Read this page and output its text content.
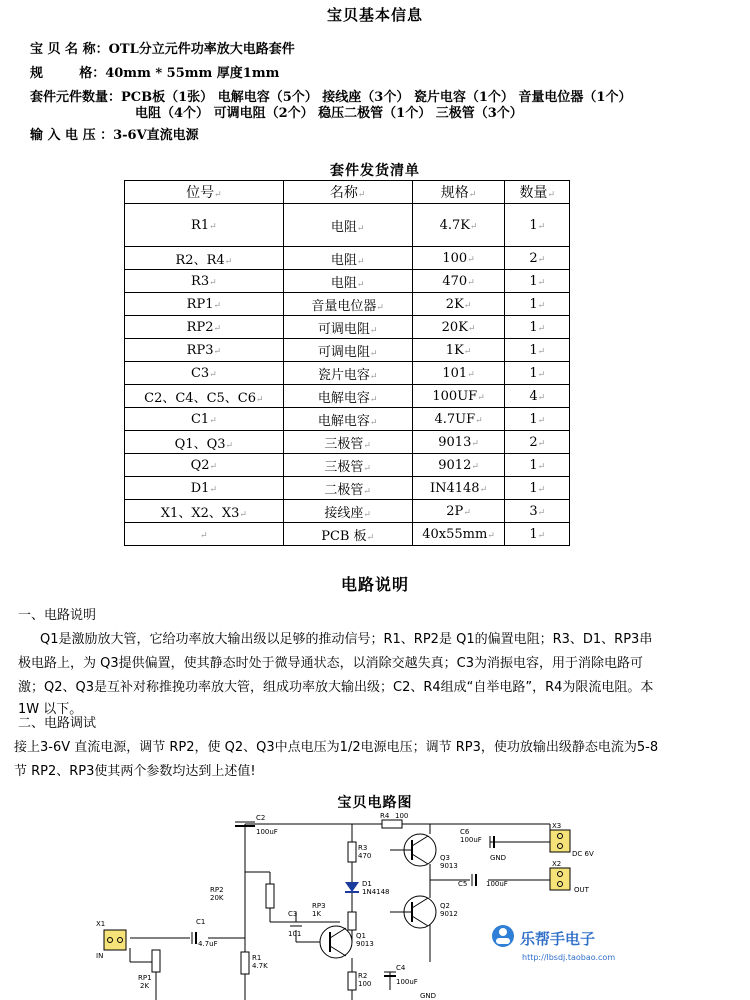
宝贝基本信息
宝 贝 名 称：OTL分立元件功率放大电路套件
规        格：40mm * 55mm 厚度1mm
套件元件数量：PCB板（1张） 电解电容（5个） 接线座（3个） 瓷片电容（1个） 音量电位器（1个）
电阻（4个） 可调电阻（2个） 稳压二极管（1个） 三极管（3个）
输 入 电 压 ：3-6V直流电源
套件发货清单
位号↵	名称↵	规格↵	数量↵
R1↵	电阻↵	4.7K↵	1↵
R2、R4↵	电阻↵	100↵	2↵
R3↵	电阻↵	470↵	1↵
RP1↵	音量电位器↵	2K↵	1↵
RP2↵	可调电阻↵	20K↵	1↵
RP3↵	可调电阻↵	1K↵	1↵
C3↵	瓷片电容↵	101↵	1↵
C2、C4、C5、C6↵	电解电容↵	100UF↵	4↵
C1↵	电解电容↵	4.7UF↵	1↵
Q1、Q3↵	三极管↵	9013↵	2↵
Q2↵	三极管↵	9012↵	1↵
D1↵	二极管↵	IN4148↵	1↵
X1、X2、X3↵	接线座↵	2P↵	3↵
↵	PCB 板↵	40x55mm↵	1↵
电路说明
一、电路说明
Q1是激励放大管，它给功率放大输出级以足够的推动信号；R1、RP2是 Q1的偏置电阻；R3、D1、RP3串
极电路上，为 Q3提供偏置，使其静态时处于微导通状态，以消除交越失真；C3为消振电容，用于消除电路可
激；Q2、Q3是互补对称推挽功率放大管，组成功率放大输出级；C2、R4组成“自举电路”，R4为限流电阻。本
1W 以下。
二、电路调试
接上3-6V 直流电源，调节 RP2，使 Q2、Q3中点电压为1/2电源电压；调节 RP3，使功放输出级静态电流为5-8
节 RP2、RP3使其两个参数均达到上述值!
宝贝电路图
C2
100uF
R3
470
R4 100
D1
1N4148
Q3
9013
C6
100uF
GND
X3
DC 6V
C5	100uF
X2
OUT
RP2
20K
RP3
1K
C3
101
Q2
9012
Q1
9013
C1
4.7uF
X1
IN
RP1
2K
R1
4.7K
R2
100
C4
100uF
GND
乐帮手电子
http://lbsdj.taobao.com
